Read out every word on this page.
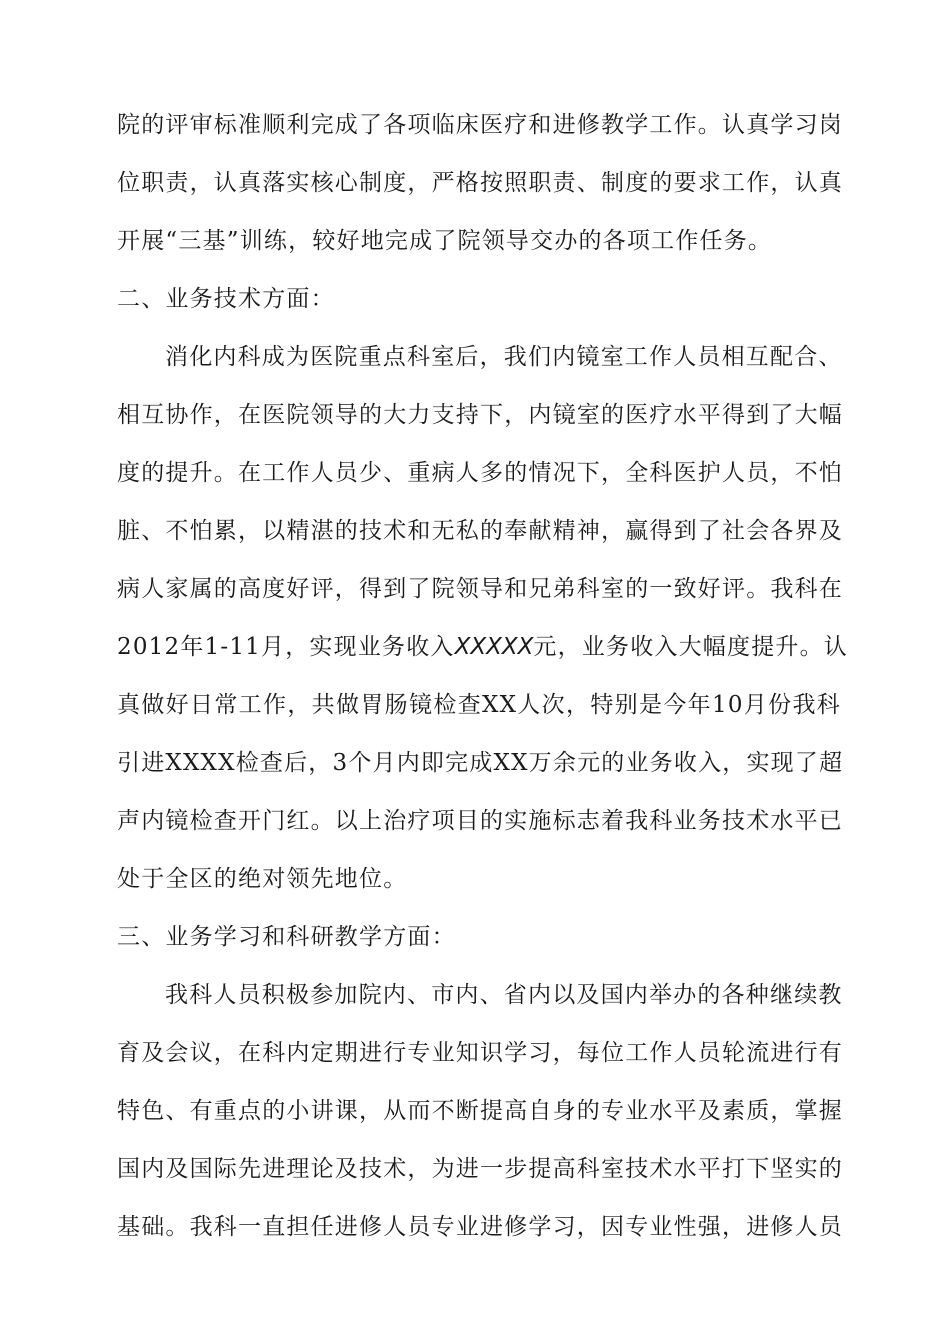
院的评审标准顺利完成了各项临床医疗和进修教学工作。认真学习岗
位职责，认真落实核心制度，严格按照职责、制度的要求工作，认真
开展“三基”训练，较好地完成了院领导交办的各项工作任务。
二、业务技术方面：
消化内科成为医院重点科室后，我们内镜室工作人员相互配合、
相互协作，在医院领导的大力支持下，内镜室的医疗水平得到了大幅
度的提升。在工作人员少、重病人多的情况下，全科医护人员，不怕
脏、不怕累，以精湛的技术和无私的奉献精神，赢得到了社会各界及
病人家属的高度好评，得到了院领导和兄弟科室的一致好评。我科在
2012年1-11月，实现业务收入 XXXXX 元，业务收入大幅度提升。认
真做好日常工作，共做胃肠镜检查XX人次，特别是今年10月份我科
引进XXXX检查后，3个月内即完成XX万余元的业务收入，实现了超
声内镜检查开门红。以上治疗项目的实施标志着我科业务技术水平已
处于全区的绝对领先地位。
三、业务学习和科研教学方面：
我科人员积极参加院内、市内、省内以及国内举办的各种继续教
育及会议，在科内定期进行专业知识学习，每位工作人员轮流进行有
特色、有重点的小讲课，从而不断提高自身的专业水平及素质，掌握
国内及国际先进理论及技术，为进一步提高科室技术水平打下坚实的
基础。我科一直担任进修人员专业进修学习，因专业性强，进修人员
